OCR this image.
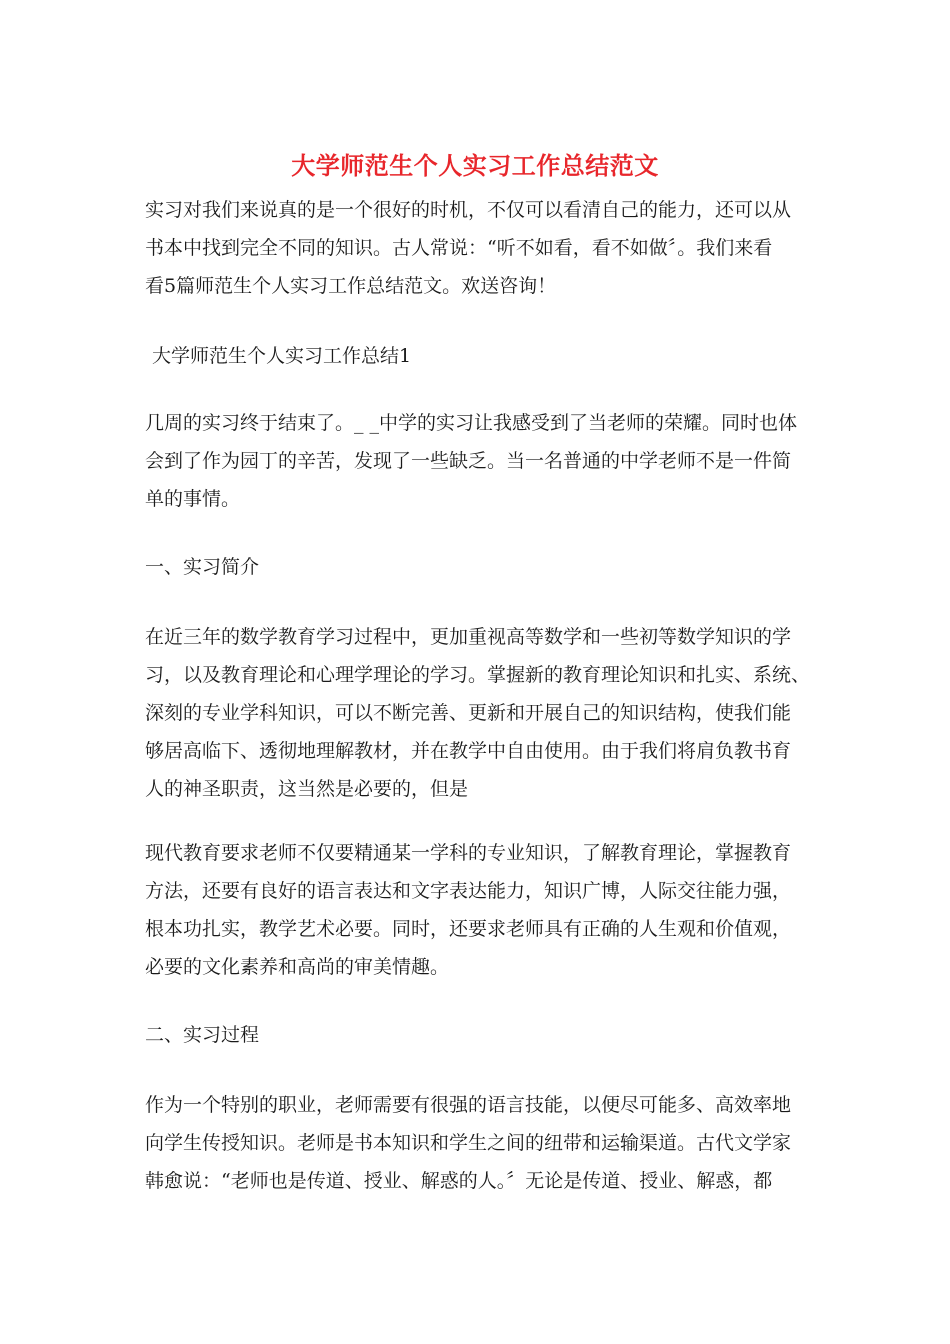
大学师范生个人实习工作总结范文

实习对我们来说真的是一个很好的时机，不仅可以看清自己的能力，还可以从
书本中找到完全不同的知识。古人常说：“听不如看，看不如做〞。我们来看
看5篇师范生个人实习工作总结范文。欢送咨询！

大学师范生个人实习工作总结1

几周的实习终于结束了。_ _中学的实习让我感受到了当老师的荣耀。同时也体
会到了作为园丁的辛苦，发现了一些缺乏。当一名普通的中学老师不是一件简
单的事情。

一、实习简介

在近三年的数学教育学习过程中，更加重视高等数学和一些初等数学知识的学
习，以及教育理论和心理学理论的学习。掌握新的教育理论知识和扎实、系统、
深刻的专业学科知识，可以不断完善、更新和开展自己的知识结构，使我们能
够居高临下、透彻地理解教材，并在教学中自由使用。由于我们将肩负教书育
人的神圣职责，这当然是必要的，但是

现代教育要求老师不仅要精通某一学科的专业知识，了解教育理论，掌握教育
方法，还要有良好的语言表达和文字表达能力，知识广博，人际交往能力强，
根本功扎实，教学艺术必要。同时，还要求老师具有正确的人生观和价值观，
必要的文化素养和高尚的审美情趣。

二、实习过程

作为一个特别的职业，老师需要有很强的语言技能，以便尽可能多、高效率地
向学生传授知识。老师是书本知识和学生之间的纽带和运输渠道。古代文学家
韩愈说：“老师也是传道、授业、解惑的人。〞无论是传道、授业、解惑，都
